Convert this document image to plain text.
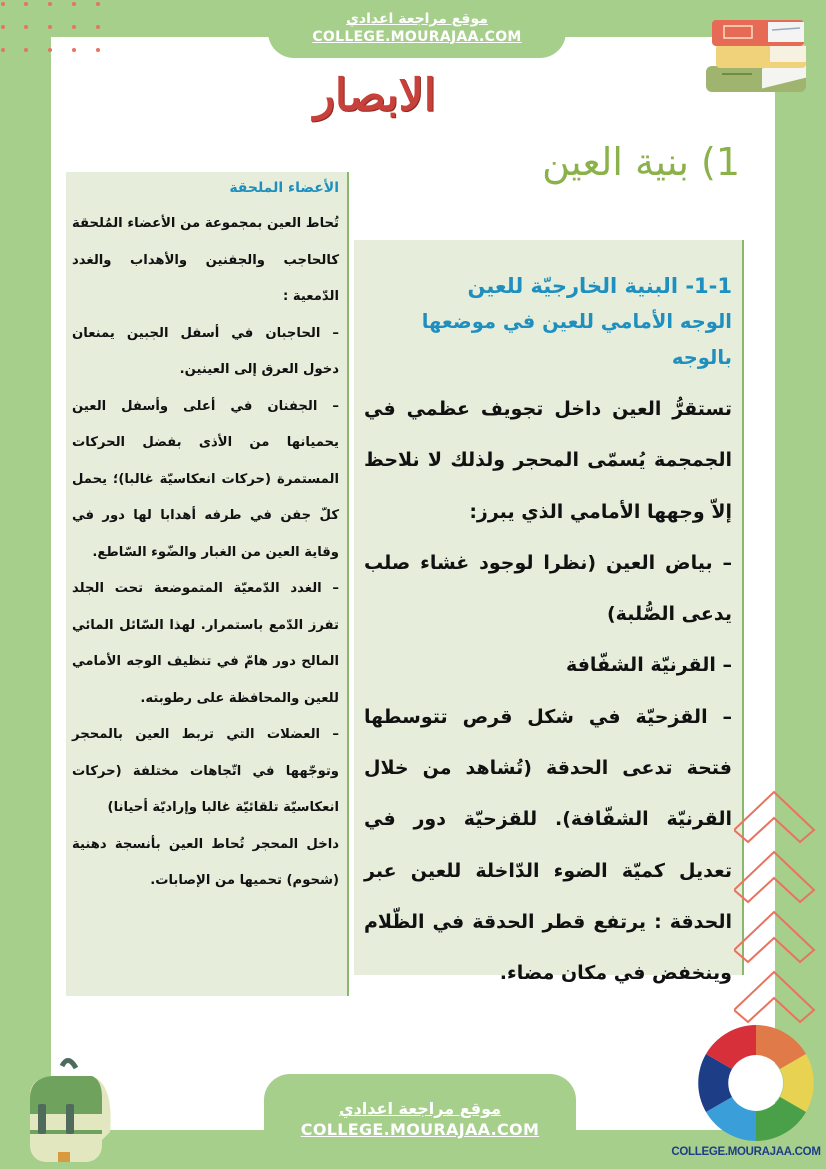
موقع مراجعة اعدادي
COLLEGE.MOURAJAA.COM
الابصار
1) بنية العين
الأعضاء الملحقة

تُحاط العين بمجموعة من الأعضاء المُلحقة كالحاجب والجفنين والأهداب والغدد الدّمعية :

– الحاجبان في أسفل الجبين يمنعان دخول العرق إلى العينين.

– الجفنان في أعلى وأسفل العين يحميانها من الأذى بفضل الحركات المستمرة (حركات انعكاسيّة غالبا)؛ يحمل كلّ جفن في طرفه أهدابا لها دور في وقاية العين من الغبار والضّوء السّاطع.

– الغدد الدّمعيّة المتموضعة تحت الجلد تفرز الدّمع باستمرار. لهذا السّائل المائي المالح دور هامّ في تنظيف الوجه الأمامي للعين والمحافظة على رطوبته.

– العضلات التي تربط العين بالمحجر وتوجّهها في اتّجاهات مختلفة (حركات انعكاسيّة تلقائيّة غالبا وإراديّة أحيانا)

داخل المحجر تُحاط العين بأنسجة دهنية (شحوم) تحميها من الإصابات.

1-1- البنية الخارجيّة للعين
الوجه الأمامي للعين في موضعها بالوجه

تستقرُّ العين داخل تجويف عظمي في الجمجمة يُسمّى المحجر ولذلك لا نلاحظ إلاّ وجهها الأمامي الذي يبرز:

– بياض العين (نظرا لوجود غشاء صلب يدعى الصُّلبة)

– القرنيّة الشفّافة

– القزحيّة في شكل قرص تتوسطها فتحة تدعى الحدقة (تُشاهد من خلال القرنيّة الشفّافة). للقزحيّة دور في تعديل كميّة الضوء الدّاخلة للعين عبر الحدقة : يرتفع قطر الحدقة في الظّلام وينخفض في مكان مضاء.

موقع مراجعة اعدادي
COLLEGE.MOURAJAA.COM
COLLEGE.MOURAJAA.COM
